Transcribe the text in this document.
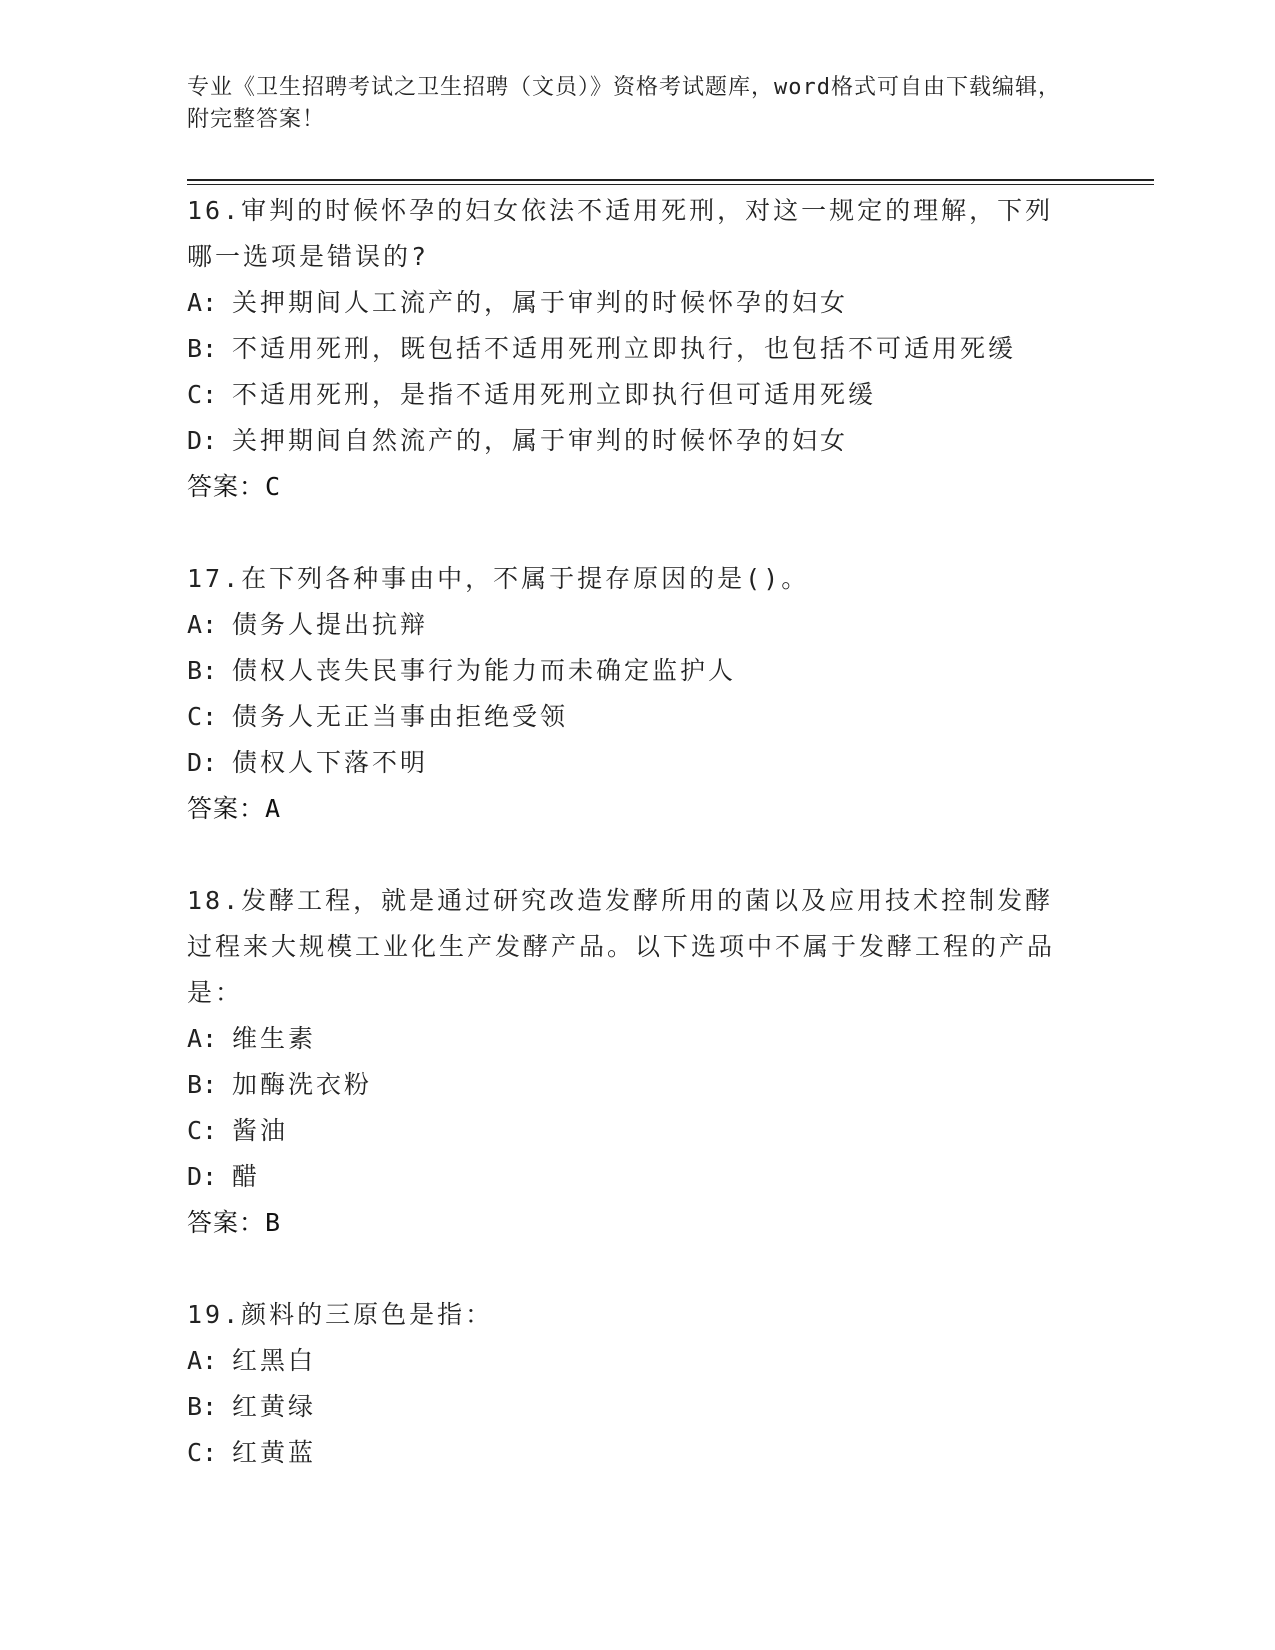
专业《卫生招聘考试之卫生招聘（文员）》资格考试题库，word格式可自由下载编辑，附完整答案！
16.审判的时候怀孕的妇女依法不适用死刑，对这一规定的理解，下列哪一选项是错误的?
A: 关押期间人工流产的，属于审判的时候怀孕的妇女
B: 不适用死刑，既包括不适用死刑立即执行，也包括不可适用死缓
C: 不适用死刑，是指不适用死刑立即执行但可适用死缓
D: 关押期间自然流产的，属于审判的时候怀孕的妇女
答案：C
17.在下列各种事由中，不属于提存原因的是()。
A: 债务人提出抗辩
B: 债权人丧失民事行为能力而未确定监护人
C: 债务人无正当事由拒绝受领
D: 债权人下落不明
答案：A
18.发酵工程，就是通过研究改造发酵所用的菌以及应用技术控制发酵过程来大规模工业化生产发酵产品。以下选项中不属于发酵工程的产品是：
A: 维生素
B: 加酶洗衣粉
C: 酱油
D: 醋
答案：B
19.颜料的三原色是指：
A: 红黑白
B: 红黄绿
C: 红黄蓝
